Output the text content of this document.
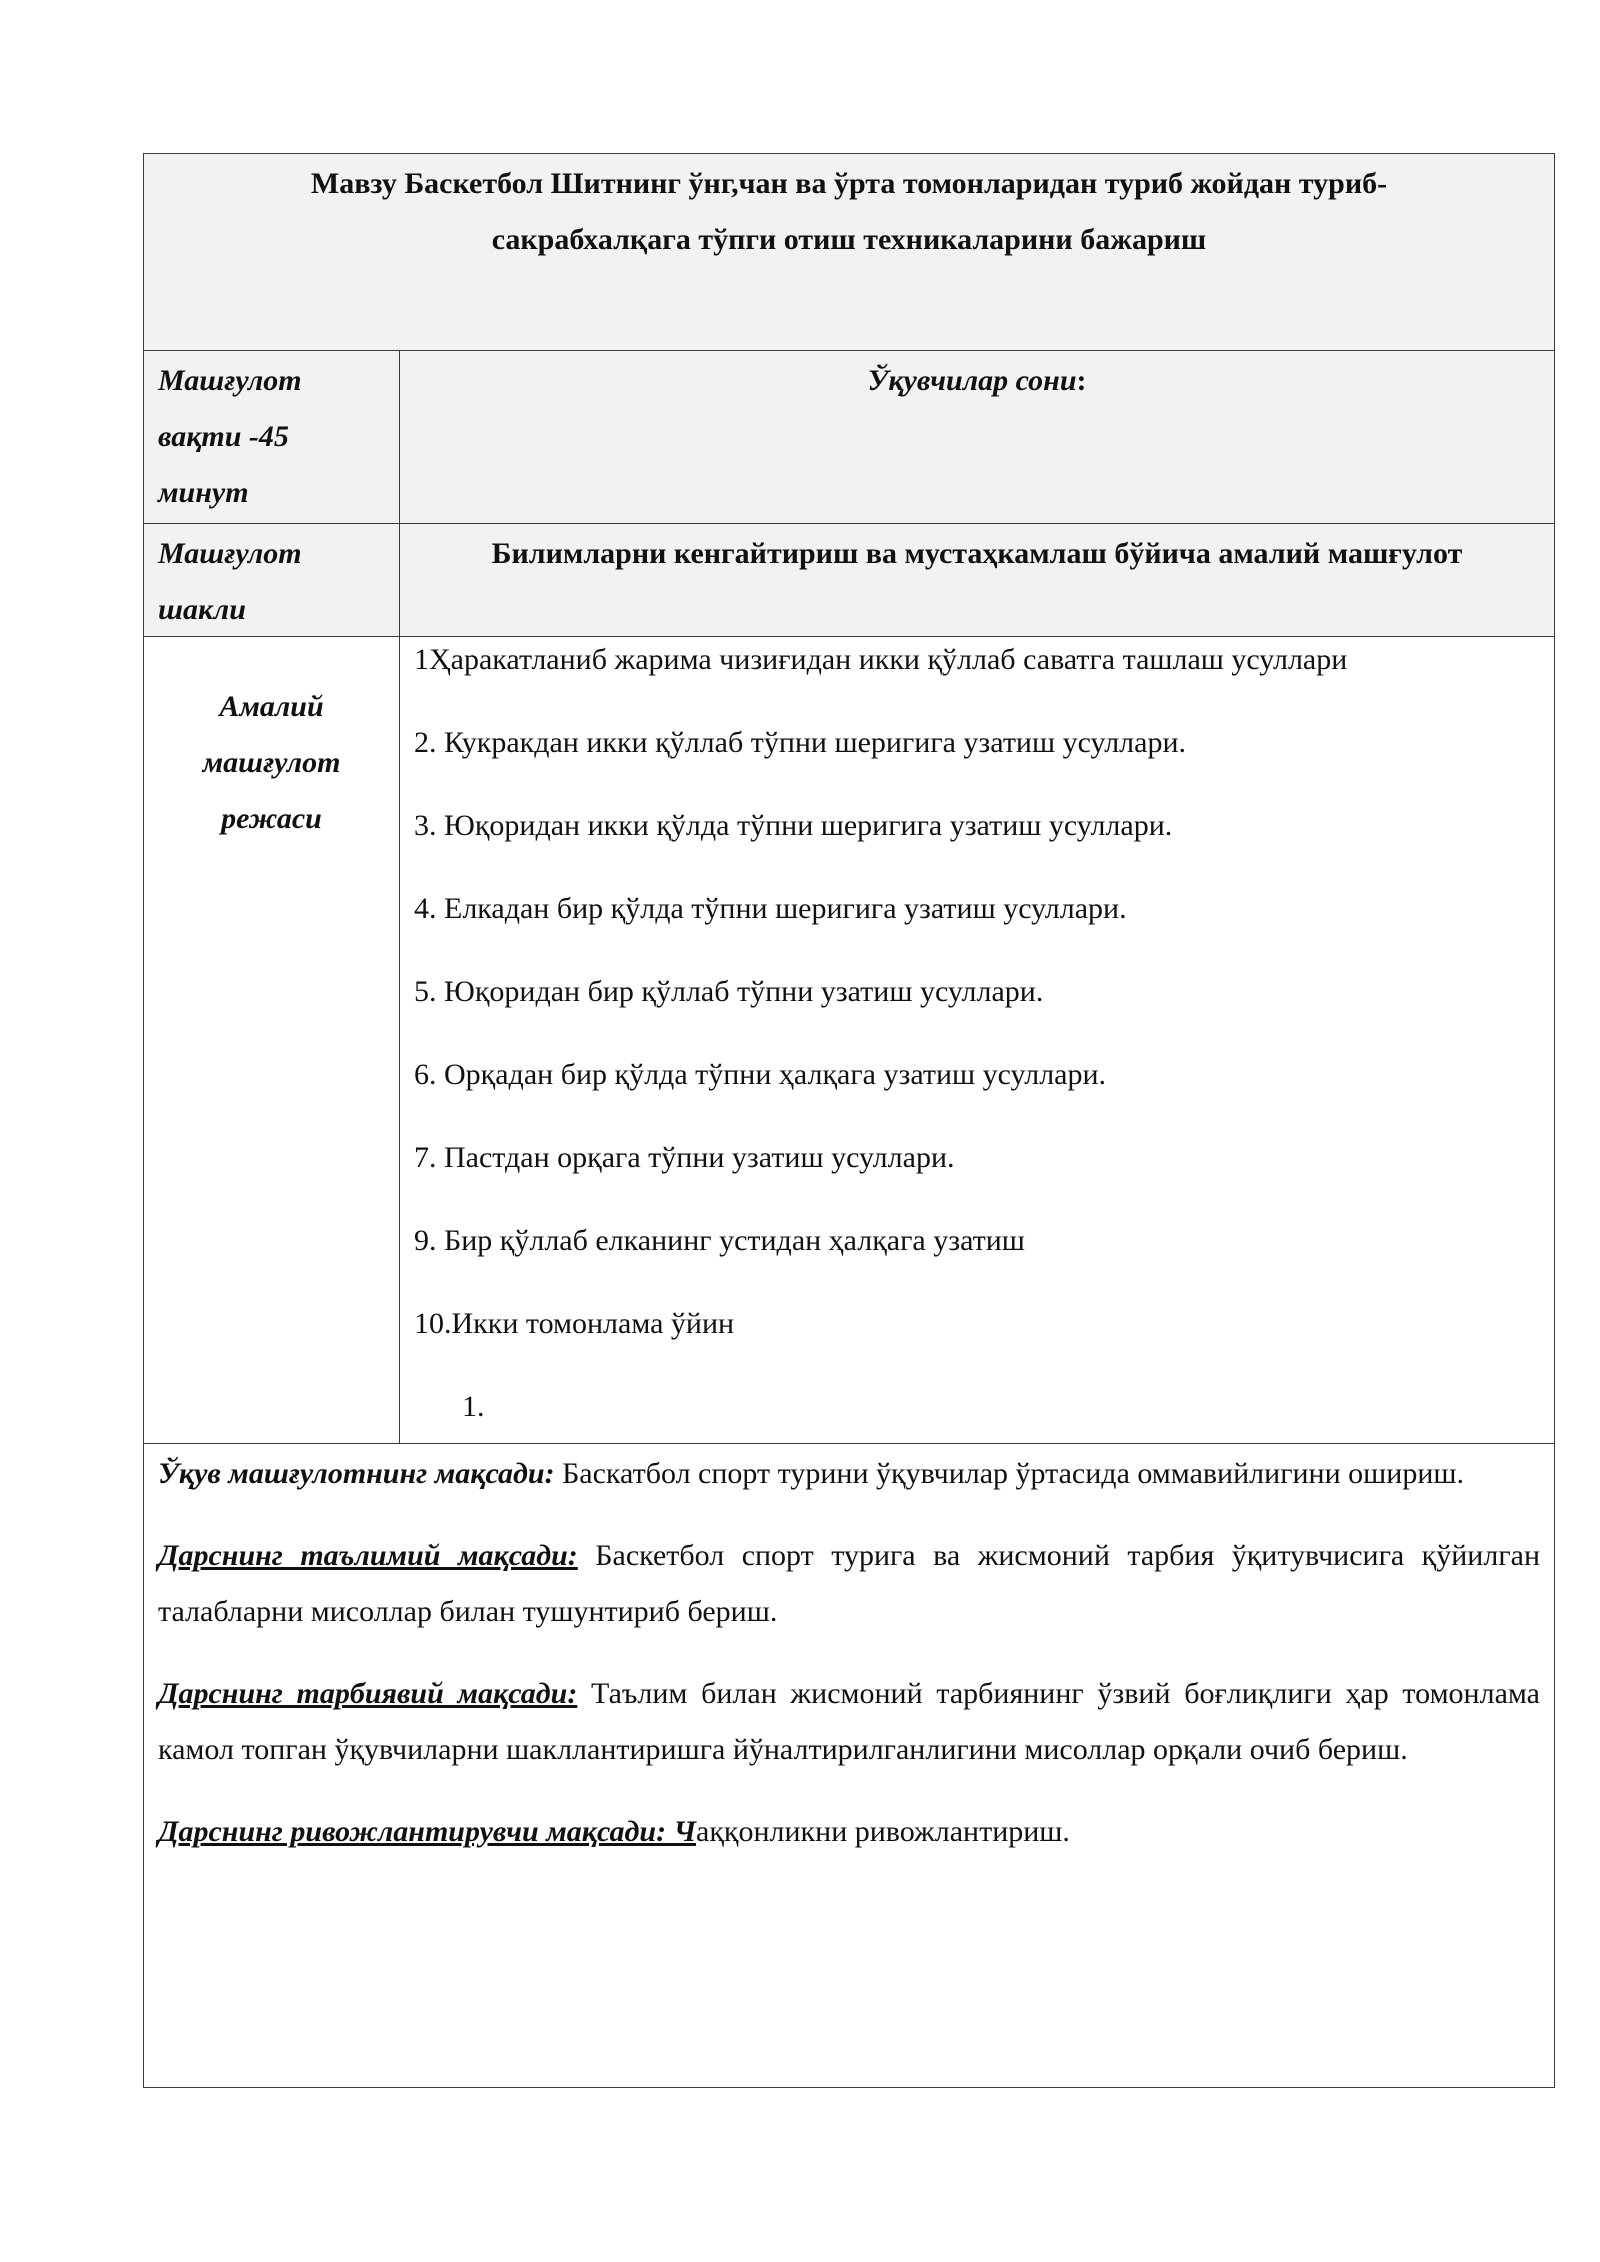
Мавзу Баскетбол Шитнинг ўнг,чан ва ўрта томонларидан туриб жойдан туриб-
сакрабхалқага тўпги отиш техникаларини бажариш
Машғулот
вақти -45
минут
Ўқувчилар сони:
Машғулот
шакли
Билимларни кенгайтириш ва мустаҳкамлаш бўйича амалий машғулот
Амалий
машғулот
режаси
1Ҳаракатланиб жарима чизиғидан икки қўллаб саватга ташлаш усуллари
2. Кукракдан икки қўллаб тўпни шеригига узатиш усуллари.
3. Юқоридан икки қўлда тўпни шеригига узатиш усуллари.
4. Елкадан бир қўлда тўпни шеригига узатиш усуллари.
5. Юқоридан бир қўллаб тўпни узатиш усуллари.
6. Орқадан бир қўлда тўпни ҳалқага узатиш усуллари.
7. Пастдан орқага тўпни узатиш усуллари.
9. Бир қўллаб елканинг устидан ҳалқага узатиш
10.Икки томонлама ўйин
1.
Ўқув машғулотнинг мақсади: Баскатбол спорт турини ўқувчилар ўртасида оммавийлигини ошириш.
Дарснинг таълимий мақсади: Баскетбол спорт турига ва жисмоний тарбия ўқитувчисига қўйилган талабларни мисоллар билан тушунтириб бериш.
Дарснинг тарбиявий мақсади: Таълим билан жисмоний тарбиянинг ўзвий боғлиқлиги ҳар томонлама камол топган ўқувчиларни шакллантиришга йўналтирилганлигини мисоллар орқали очиб бериш.
Дарснинг ривожлантирувчи мақсади: Чаққонликни ривожлантириш.
